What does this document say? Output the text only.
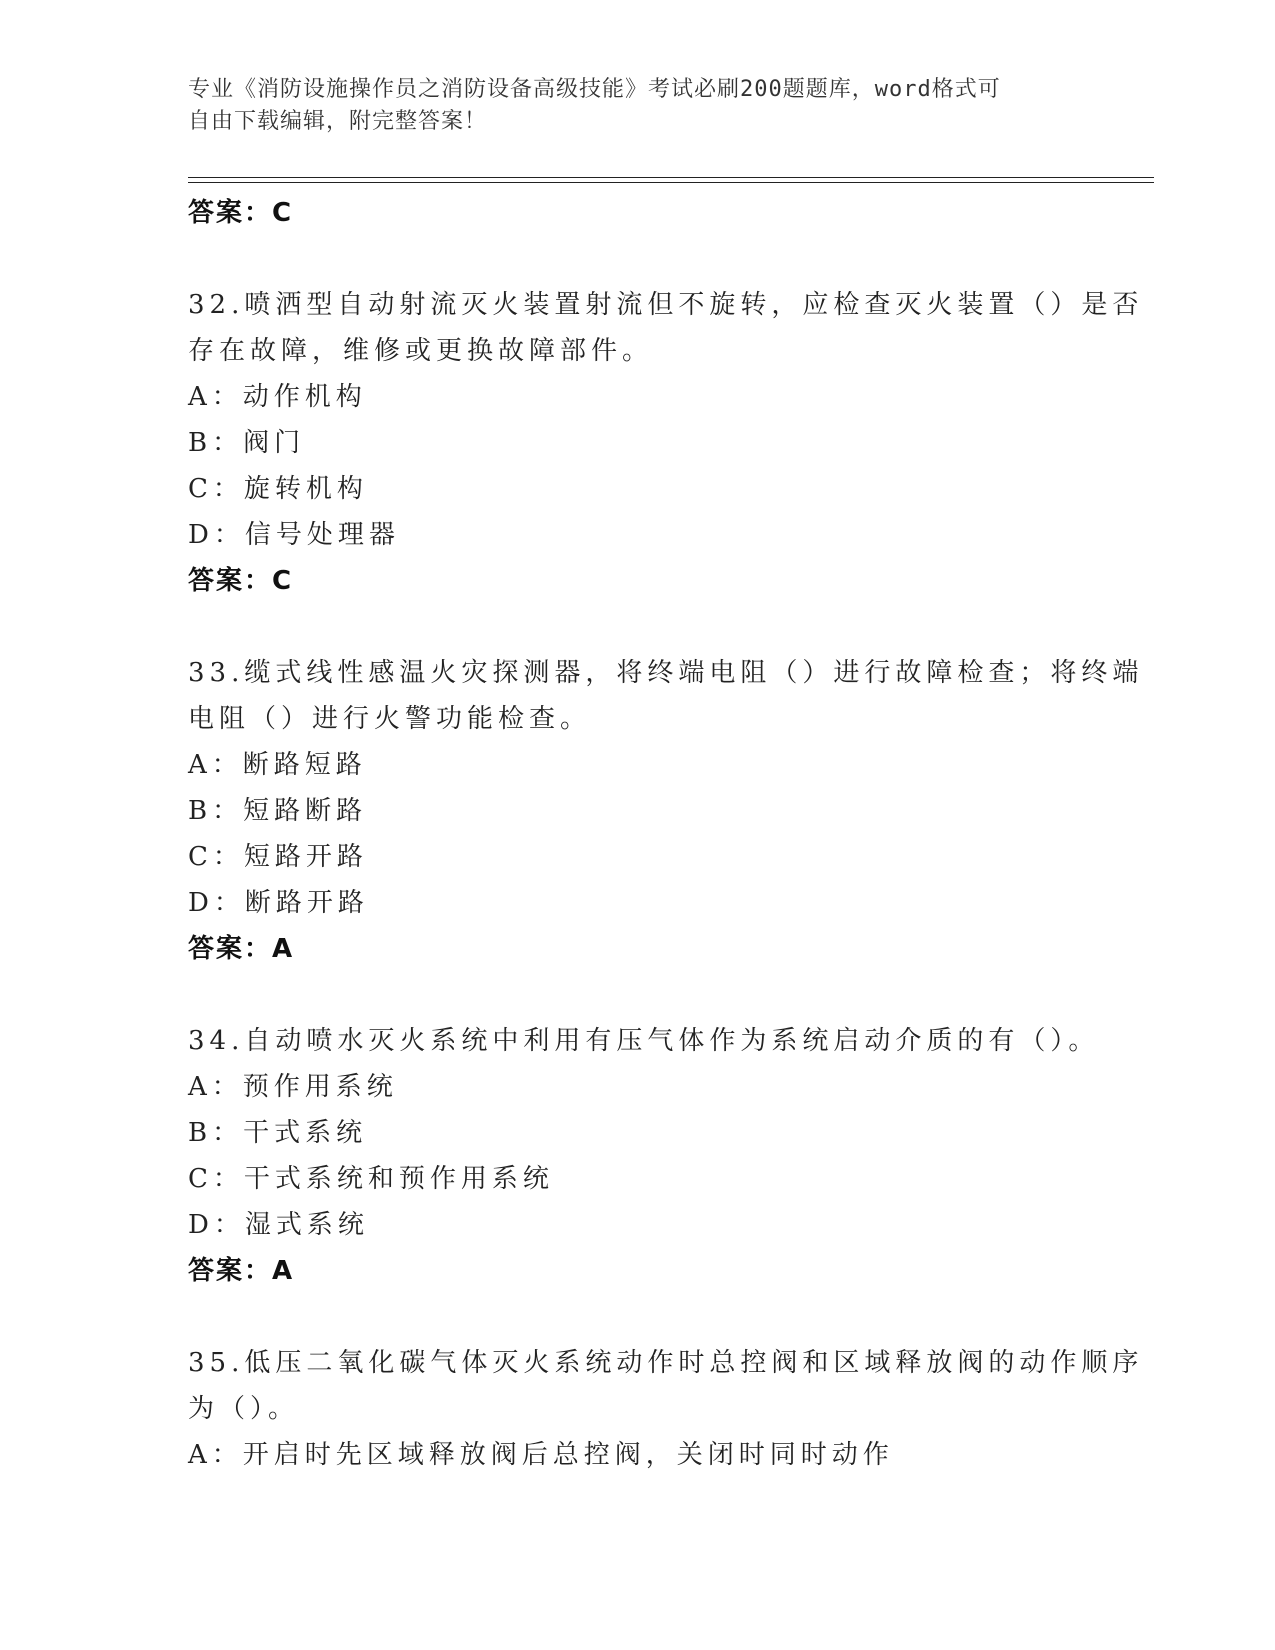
专业《消防设施操作员之消防设备高级技能》考试必刷200题题库，word格式可
自由下载编辑，附完整答案！
答案：C
32.喷洒型自动射流灭火装置射流但不旋转，应检查灭火装置（）是否
存在故障，维修或更换故障部件。
A：动作机构
B：阀门
C：旋转机构
D：信号处理器
答案：C
33.缆式线性感温火灾探测器，将终端电阻（）进行故障检查；将终端
电阻（）进行火警功能检查。
A：断路短路
B：短路断路
C：短路开路
D：断路开路
答案：A
34.自动喷水灭火系统中利用有压气体作为系统启动介质的有（）。
A：预作用系统
B：干式系统
C：干式系统和预作用系统
D：湿式系统
答案：A
35.低压二氧化碳气体灭火系统动作时总控阀和区域释放阀的动作顺序
为（）。
A：开启时先区域释放阀后总控阀，关闭时同时动作
